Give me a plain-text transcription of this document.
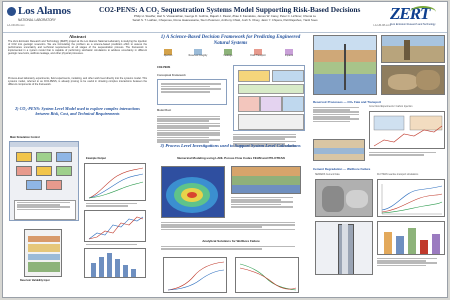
Los Alamos
NATIONAL LABORATORY
CO2-PENS: A CO₂ Sequestration Systems Model Supporting Risk-Based Decisions
Philip H. Stauffer, Hari S. Viswanathan, George D. Guthrie, Rajesh J. Pawar, Zhao F. Kamaluko, James W. Carey, Peter C. Lichtner, Chunai Lu
Sarah S. T. Lakhan, Chaponeu, Rome Haanessaine, Stern Peterson, Anthony Chiati, Josh S. Olney, Jasin Y. Chipera, Patt Rajeshes, Yianti Soes
LA-UR-08-xxxx	LA-UR-08-xxxx
ZERT
Zero Emission Research and Technology
Abstract
The Zero Emission Research and Technology (ZERT) project at the Los Alamos National Laboratory is studying the injection of CO2 into geologic reservoirs. We are formulating the problem as a science-based prediction effort to assess the performance uncertainty and technical requirements at all stages of the sequestration process. The framework is implemented in a system model that is capable of performing stochastic simulations to address uncertainty in different geologic reservoirs, wellbore leakage, and other physical processes.
Process-level laboratory experiments, field experiments, modeling, and other work feed directly into the systems model. This systems model, referred to as CO2-PENS, is already proving to be useful in showing complex interactions between the different components of the framework.
2) CO₂-PENS: System Level Model used to explore complex interactions between Risk, Cost, and Technical Requirements
Main Simulation Control
Example Output
Reservoir Variability Input
1) A Science-Based Decision Framework for Predicting Engineered Natural Systems
Injection	Reservoir Integrity	Leakage	Fluid Transport	Impacts
CO2-PENS
Conceptual Framework
Model Root
3) Process Level Investigations used to Support System Level Calculations
Numerical Modeling using LANL Porous Flow Codes FEHM and PFLOTRAN
Analytical Solutions for Wellbore Failure
Reservoir Processes — CO₂ Fate and Transport
Core Flood Experiments / Carbon Injection
Cement Degradation — Wellbore Failure
SEM/EDS Cement Data	FLOTRAN reactive transport simulations
